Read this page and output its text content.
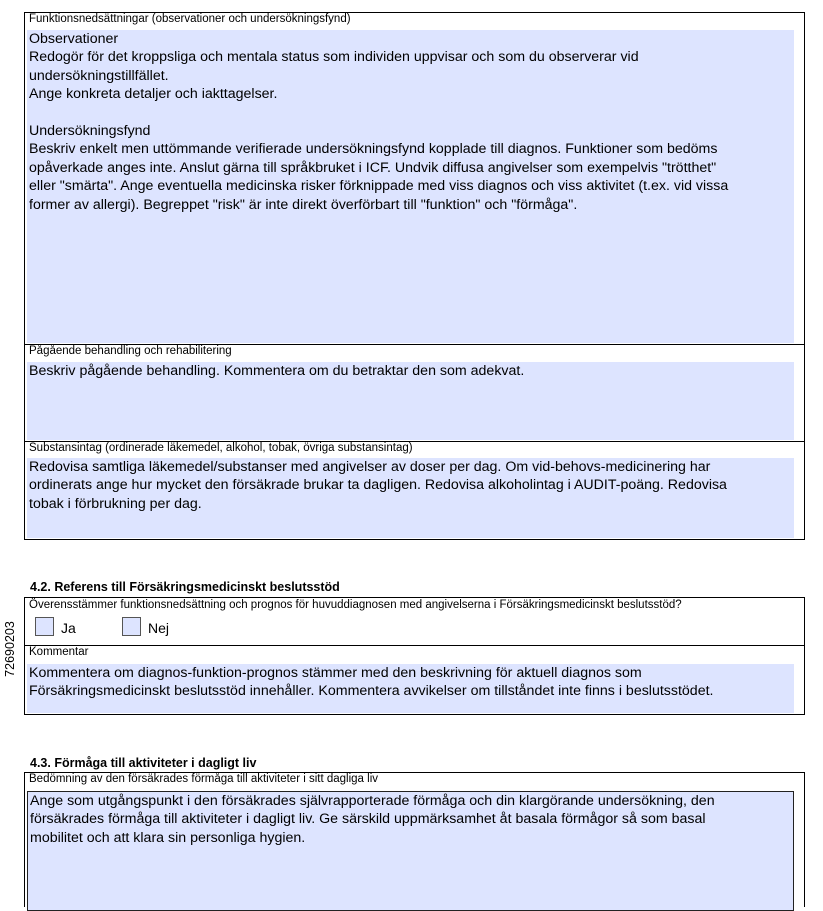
Funktionsnedsättningar (observationer och undersökningsfynd)

Observationer

Redogör för det kroppsliga och mentala status som individen uppvisar och som du observerar vid

undersökningstillfället.

Ange konkreta detaljer och iakttagelser.

Undersökningsfynd

Beskriv enkelt men uttömmande verifierade undersökningsfynd kopplade till diagnos. Funktioner som bedöms

opåverkade anges inte. Anslut gärna till språkbruket i ICF. Undvik diffusa angivelser som exempelvis "trötthet"

eller "smärta". Ange eventuella medicinska risker förknippade med viss diagnos och viss aktivitet (t.ex. vid vissa

former av allergi). Begreppet "risk" är inte direkt överförbart till "funktion" och "förmåga".

Pågående behandling och rehabilitering

Beskriv pågående behandling. Kommentera om du betraktar den som adekvat.

Substansintag (ordinerade läkemedel, alkohol, tobak, övriga substansintag)

Redovisa samtliga läkemedel/substanser med angivelser av doser per dag. Om vid-behovs-medicinering har

ordinerats ange hur mycket den försäkrade brukar ta dagligen. Redovisa alkoholintag i AUDIT-poäng. Redovisa

tobak i förbrukning per dag.

72690203
4.2. Referens till Försäkringsmedicinskt beslutsstöd
Överensstämmer funktionsnedsättning och prognos för huvuddiagnosen med angivelserna i Försäkringsmedicinskt beslutsstöd?
Ja	Nej
Kommentar

Kommentera om diagnos-funktion-prognos stämmer med den beskrivning för aktuell diagnos som

Försäkringsmedicinskt beslutsstöd innehåller. Kommentera avvikelser om tillståndet inte finns i beslutsstödet.

4.3. Förmåga till aktiviteter i dagligt liv
Bedömning av den försäkrades förmåga till aktiviteter i sitt dagliga liv

Ange som utgångspunkt i den försäkrades självrapporterade förmåga och din klargörande undersökning, den

försäkrades förmåga till aktiviteter i dagligt liv. Ge särskild uppmärksamhet åt basala förmågor så som basal

mobilitet och att klara sin personliga hygien.
